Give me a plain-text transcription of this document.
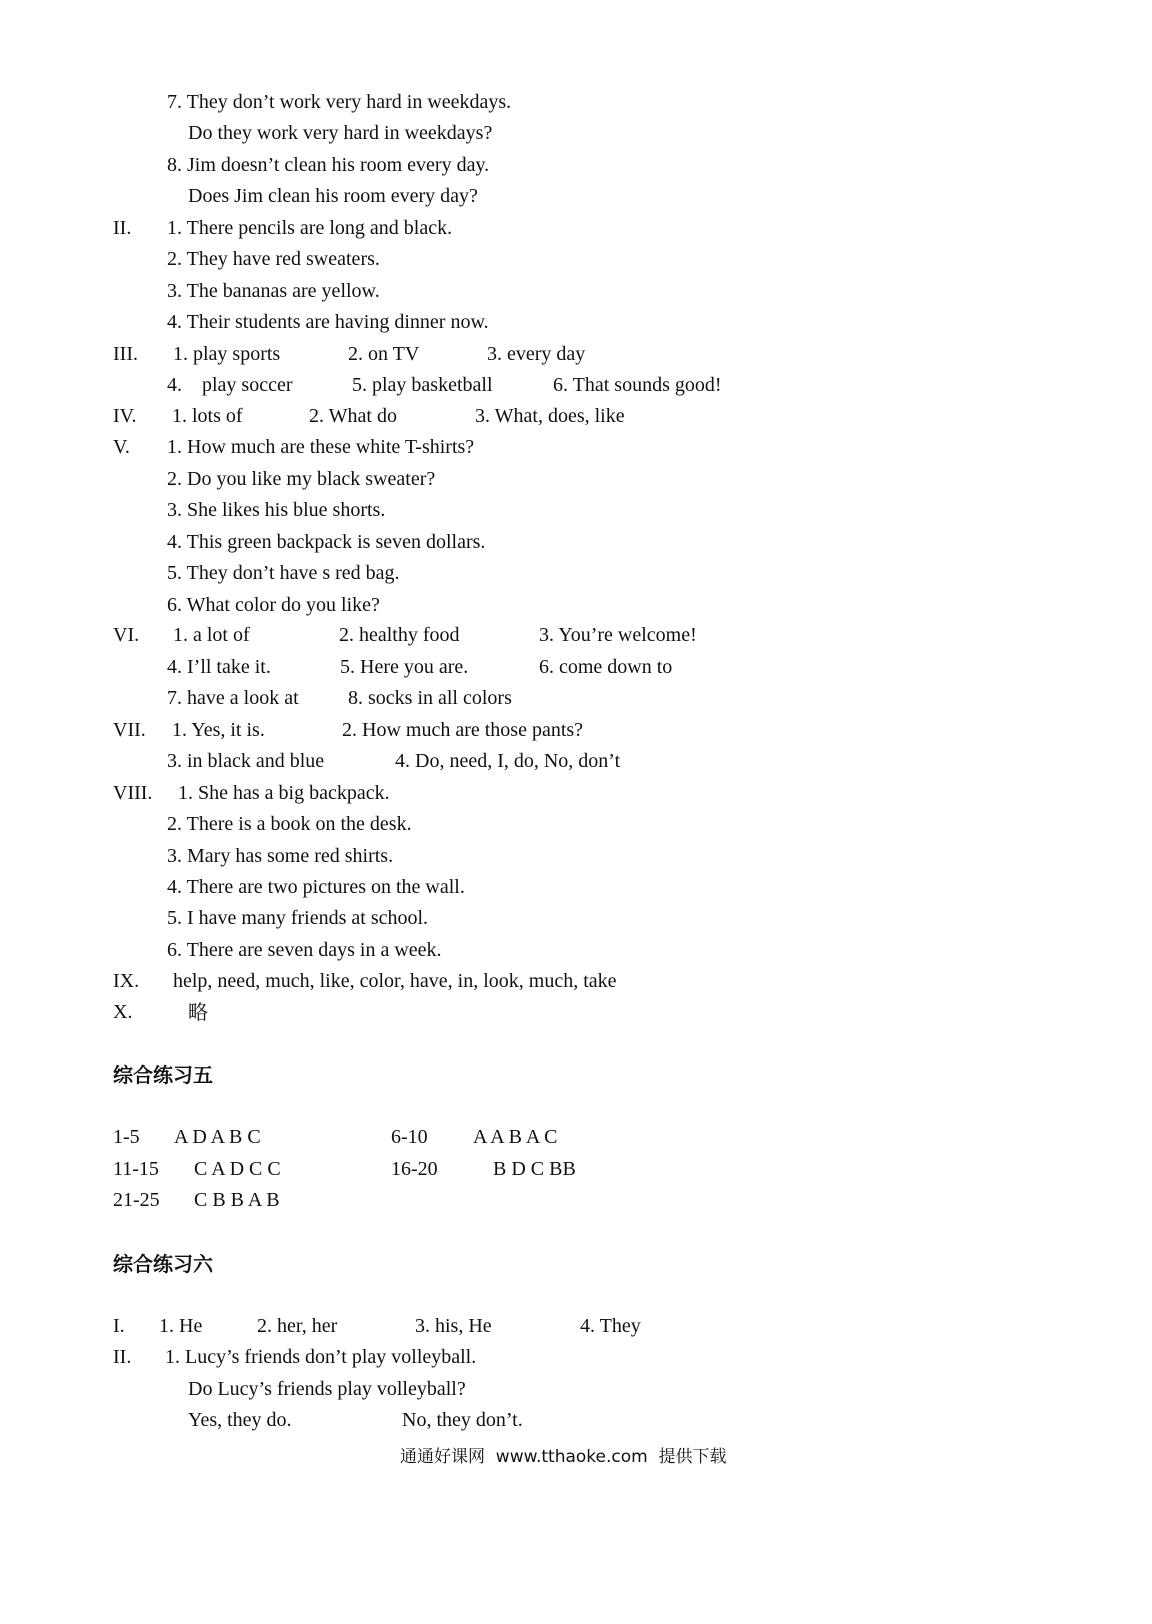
7. They don’t work very hard in weekdays.
Do they work very hard in weekdays?
8. Jim doesn’t clean his room every day.
Does Jim clean his room every day?
II. 1. There pencils are long and black.
2. They have red sweaters.
3. The bananas are yellow.
4. Their students are having dinner now.
III. 1. play sports	2. on TV	3. every day
4.    play soccer	5. play basketball	6. That sounds good!
IV. 1. lots of	2. What do	3. What, does, like
V. 1. How much are these white T-shirts?
2. Do you like my black sweater?
3. She likes his blue shorts.
4. This green backpack is seven dollars.
5. They don’t have s red bag.
6. What color do you like?
VI. 1. a lot of	2. healthy food	3. You’re welcome!
4. I’ll take it.	5. Here you are.	6. come down to
7. have a look at 8. socks in all colors
VII. 1. Yes, it is.	2. How much are those pants?
3. in black and blue	4. Do, need, I, do, No, don’t
VIII. 1. She has a big backpack.
2. There is a book on the desk.
3. Mary has some red shirts.
4. There are two pictures on the wall.
5. I have many friends at school.
6. There are seven days in a week.
IX. help, need, much, like, color, have, in, look, much, take
X.	略
综合练习五
1-5 A D A B C	6-10 A A B A C
11-15 C A D C C	16-20	B D C BB
21-25 C B B A B
综合练习六
I. 1. He	2. her, her	3. his, He	4. They
II. 1. Lucy’s friends don’t play volleyball.
Do Lucy’s friends play volleyball?
Yes, they do.	No, they don’t.
通通好课网  www.tthaoke.com  提供下载
